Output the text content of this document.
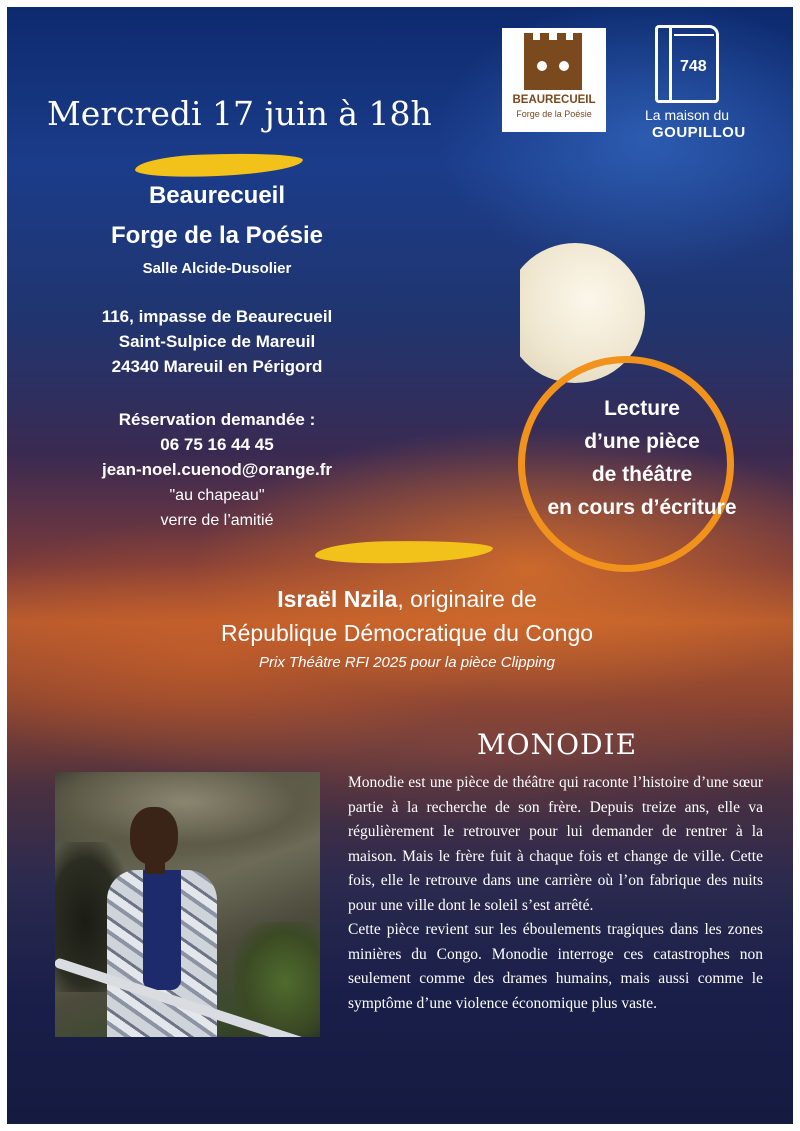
BEAURECUEIL
Forge de la Poésie
748
La maison du
GOUPILLOU
Mercredi 17 juin à 18h
Beaurecueil
Forge de la Poésie
Salle Alcide-Dusolier
116, impasse de Beaurecueil
Saint-Sulpice de Mareuil
24340 Mareuil en Périgord
Réservation demandée :
06 75 16 44 45
jean-noel.cuenod@orange.fr
"au chapeau"
verre de l’amitié
Lecture
d’une pièce
de théâtre
en cours d’écriture
Israël Nzila, originaire de
République Démocratique du Congo
Prix Théâtre RFI 2025 pour la pièce Clipping
MONODIE

Monodie est une pièce de théâtre qui raconte l’histoire d’une sœur partie à la recherche de son frère. Depuis treize ans, elle va régulièrement le retrouver pour lui demander de rentrer à la maison. Mais le frère fuit à chaque fois et change de ville. Cette fois, elle le retrouve dans une carrière où l’on fabrique des nuits pour une ville dont le soleil s’est arrêté.

Cette pièce revient sur les éboulements tragiques dans les zones minières du Congo. Monodie interroge ces catastrophes non seulement comme des drames humains, mais aussi comme le symptôme d’une violence économique plus vaste.
